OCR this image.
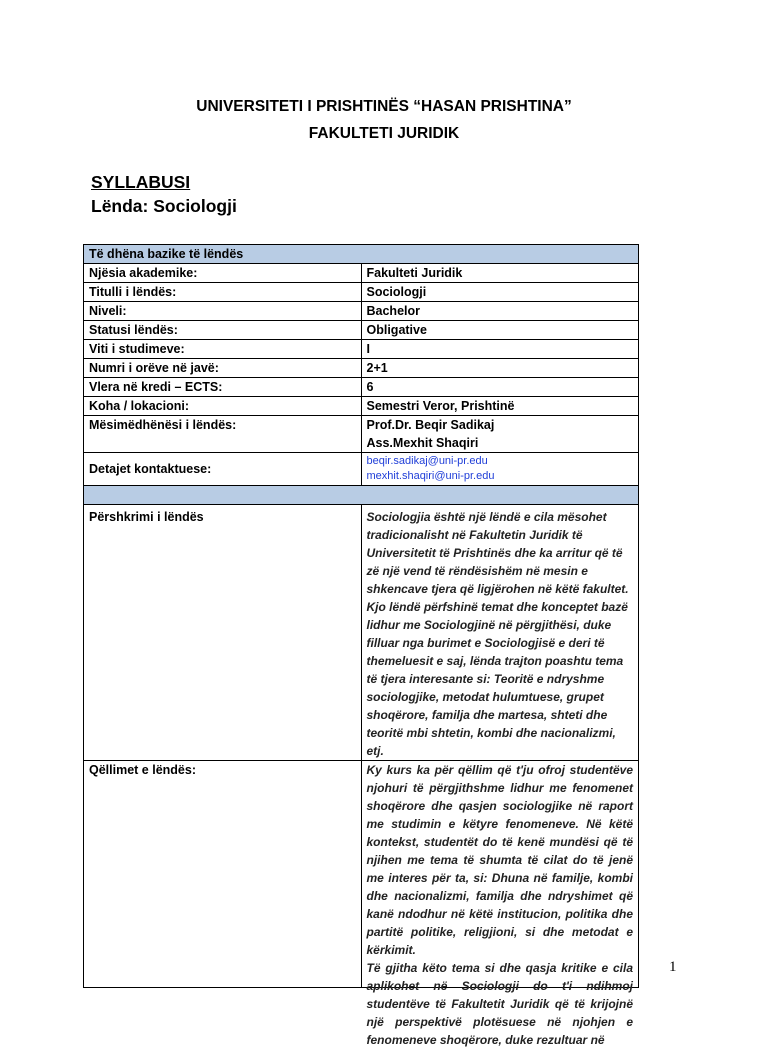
UNIVERSITETI I PRISHTINËS “HASAN PRISHTINA”
FAKULTETI JURIDIK
SYLLABUSI
Lënda: Sociologji
Të dhëna bazike të lëndës	
Njësia akademike:	Fakulteti Juridik
Titulli i lëndës:	Sociologji
Niveli:	Bachelor
Statusi lëndës:	Obligative
Viti i studimeve:	I
Numri i orëve në javë:	2+1
Vlera në kredi – ECTS:	6
Koha / lokacioni:	Semestri Veror, Prishtinë
Mësimëdhënësi i lëndës:	Prof.Dr. Beqir Sadikaj
Ass.Mexhit Shaqiri

Detajet kontaktuese:	beqir.sadikaj@uni-pr.edu
mexhit.shaqiri@uni-pr.edu

Përshkrimi i lëndës	Sociologjia është një lëndë e cila mësohet tradicionalisht në Fakultetin Juridik të Universitetit të Prishtinës dhe ka arritur që të zë një vend të rëndësishëm në mesin e shkencave tjera që ligjërohen në këtë fakultet. Kjo lëndë përfshinë temat dhe konceptet bazë lidhur me Sociologjinë në përgjithësi, duke filluar nga burimet e Sociologjisë e deri të themeluesit e saj, lënda trajton poashtu tema të tjera interesante si: Teoritë e ndryshme sociologjike, metodat hulumtuese, grupet shoqërore, familja dhe martesa, shteti dhe teoritë mbi shtetin, kombi dhe nacionalizmi, etj.
Qëllimet e lëndës:	Ky kurs ka për qëllim që t'ju ofroj studentëve njohuri të përgjithshme lidhur me fenomenet shoqërore dhe qasjen sociologjike në raport me studimin e këtyre fenomeneve. Në këtë kontekst, studentët do të kenë mundësi që të njihen me tema të shumta të cilat do të jenë me interes për ta, si: Dhuna në familje, kombi dhe nacionalizmi, familja dhe ndryshimet që kanë ndodhur në këtë institucion, politika dhe partitë politike, religjioni, si dhe metodat e kërkimit.

Të gjitha këto tema si dhe qasja kritike e cila aplikohet në Sociologji do t'i ndihmoj studentëve të Fakultetit Juridik që të krijojnë një perspektivë plotësuese në njohjen e fenomeneve shoqërore, duke rezultuar në

1
